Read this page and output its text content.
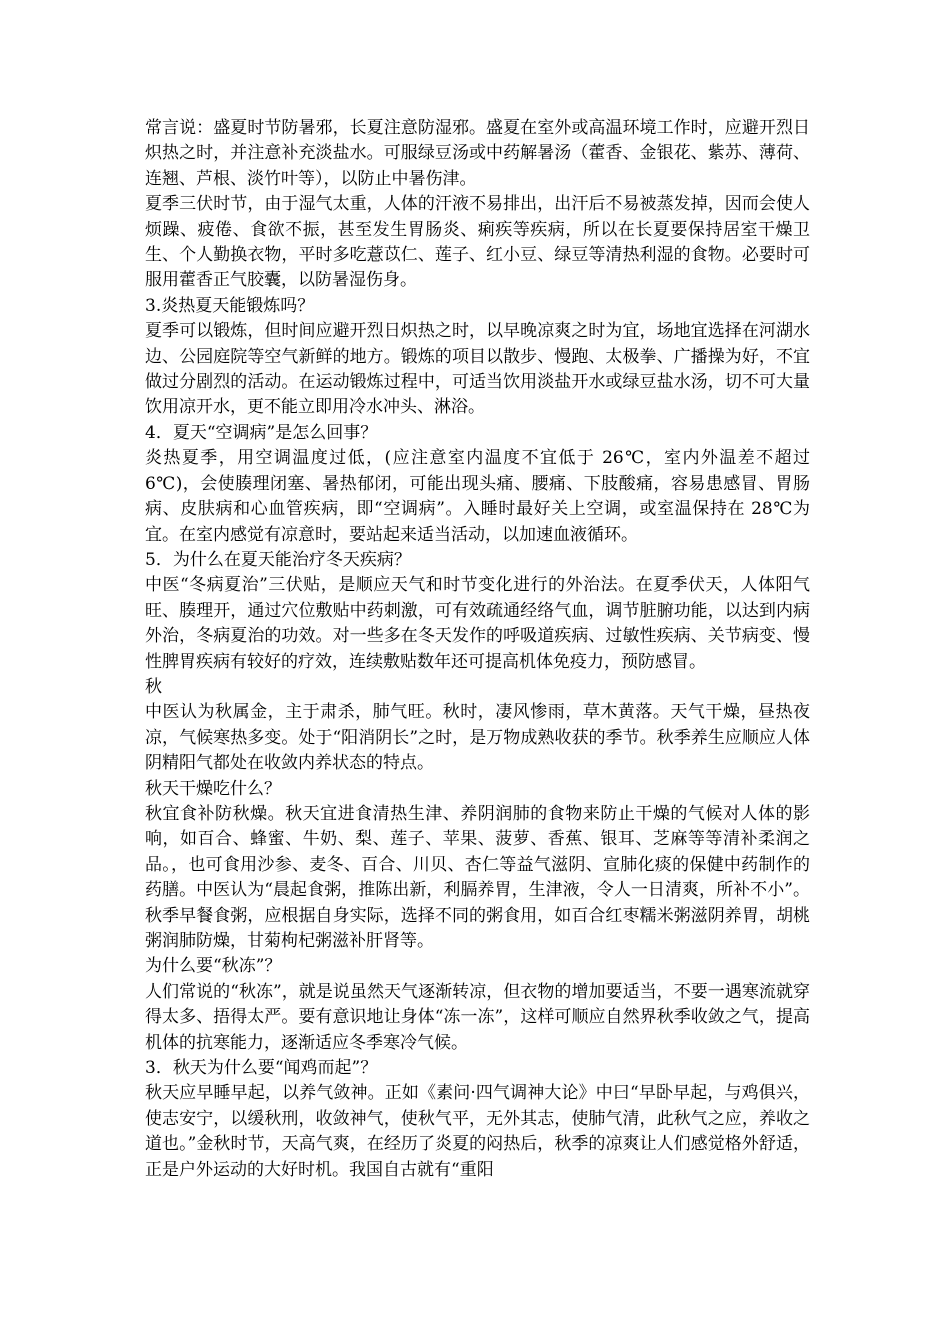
常言说：盛夏时节防暑邪，长夏注意防湿邪。盛夏在室外或高温环境工作时，应避开烈日炽热之时，并注意补充淡盐水。可服绿豆汤或中药解暑汤（藿香、金银花、紫苏、薄荷、连翘、芦根、淡竹叶等），以防止中暑伤津。

夏季三伏时节，由于湿气太重，人体的汗液不易排出，出汗后不易被蒸发掉，因而会使人烦躁、疲倦、食欲不振，甚至发生胃肠炎、痢疾等疾病，所以在长夏要保持居室干燥卫生、个人勤换衣物，平时多吃薏苡仁、莲子、红小豆、绿豆等清热利湿的食物。必要时可服用藿香正气胶囊，以防暑湿伤身。

3.炎热夏天能锻炼吗？

夏季可以锻炼，但时间应避开烈日炽热之时，以早晚凉爽之时为宜，场地宜选择在河湖水边、公园庭院等空气新鲜的地方。锻炼的项目以散步、慢跑、太极拳、广播操为好，不宜做过分剧烈的活动。在运动锻炼过程中，可适当饮用淡盐开水或绿豆盐水汤，切不可大量饮用凉开水，更不能立即用冷水冲头、淋浴。

4．夏天“空调病”是怎么回事？

炎热夏季，用空调温度过低，(应注意室内温度不宜低于 26℃，室内外温差不超过 6℃)，会使腠理闭塞、暑热郁闭，可能出现头痛、腰痛、下肢酸痛，容易患感冒、胃肠病、皮肤病和心血管疾病，即“空调病”。入睡时最好关上空调，或室温保持在 28℃为宜。在室内感觉有凉意时，要站起来适当活动，以加速血液循环。

5．为什么在夏天能治疗冬天疾病？

中医“冬病夏治”三伏贴，是顺应天气和时节变化进行的外治法。在夏季伏天，人体阳气旺、腠理开，通过穴位敷贴中药刺激，可有效疏通经络气血，调节脏腑功能，以达到内病外治，冬病夏治的功效。对一些多在冬天发作的呼吸道疾病、过敏性疾病、关节病变、慢性脾胃疾病有较好的疗效，连续敷贴数年还可提高机体免疫力，预防感冒。

秋

中医认为秋属金，主于肃杀，肺气旺。秋时，凄风惨雨，草木黄落。天气干燥，昼热夜凉，气候寒热多变。处于“阳消阴长”之时，是万物成熟收获的季节。秋季养生应顺应人体阴精阳气都处在收敛内养状态的特点。

秋天干燥吃什么？

秋宜食补防秋燥。秋天宜进食清热生津、养阴润肺的食物来防止干燥的气候对人体的影响，如百合、蜂蜜、牛奶、梨、莲子、苹果、菠萝、香蕉、银耳、芝麻等等清补柔润之品。，也可食用沙参、麦冬、百合、川贝、杏仁等益气滋阴、宣肺化痰的保健中药制作的药膳。中医认为“晨起食粥，推陈出新，利膈养胃，生津液，令人一日清爽，所补不小”。秋季早餐食粥，应根据自身实际，选择不同的粥食用，如百合红枣糯米粥滋阴养胃，胡桃粥润肺防燥，甘菊枸杞粥滋补肝肾等。

为什么要“秋冻”？

人们常说的“秋冻”，就是说虽然天气逐渐转凉，但衣物的增加要适当，不要一遇寒流就穿得太多、捂得太严。要有意识地让身体“冻一冻”，这样可顺应自然界秋季收敛之气，提高机体的抗寒能力，逐渐适应冬季寒冷气候。

3．秋天为什么要“闻鸡而起”？

秋天应早睡早起，以养气敛神。正如《素问·四气调神大论》中曰“早卧早起，与鸡俱兴，使志安宁，以缓秋刑，收敛神气，使秋气平，无外其志，使肺气清，此秋气之应，养收之道也。”金秋时节，天高气爽，在经历了炎夏的闷热后，秋季的凉爽让人们感觉格外舒适，正是户外运动的大好时机。我国自古就有“重阳
